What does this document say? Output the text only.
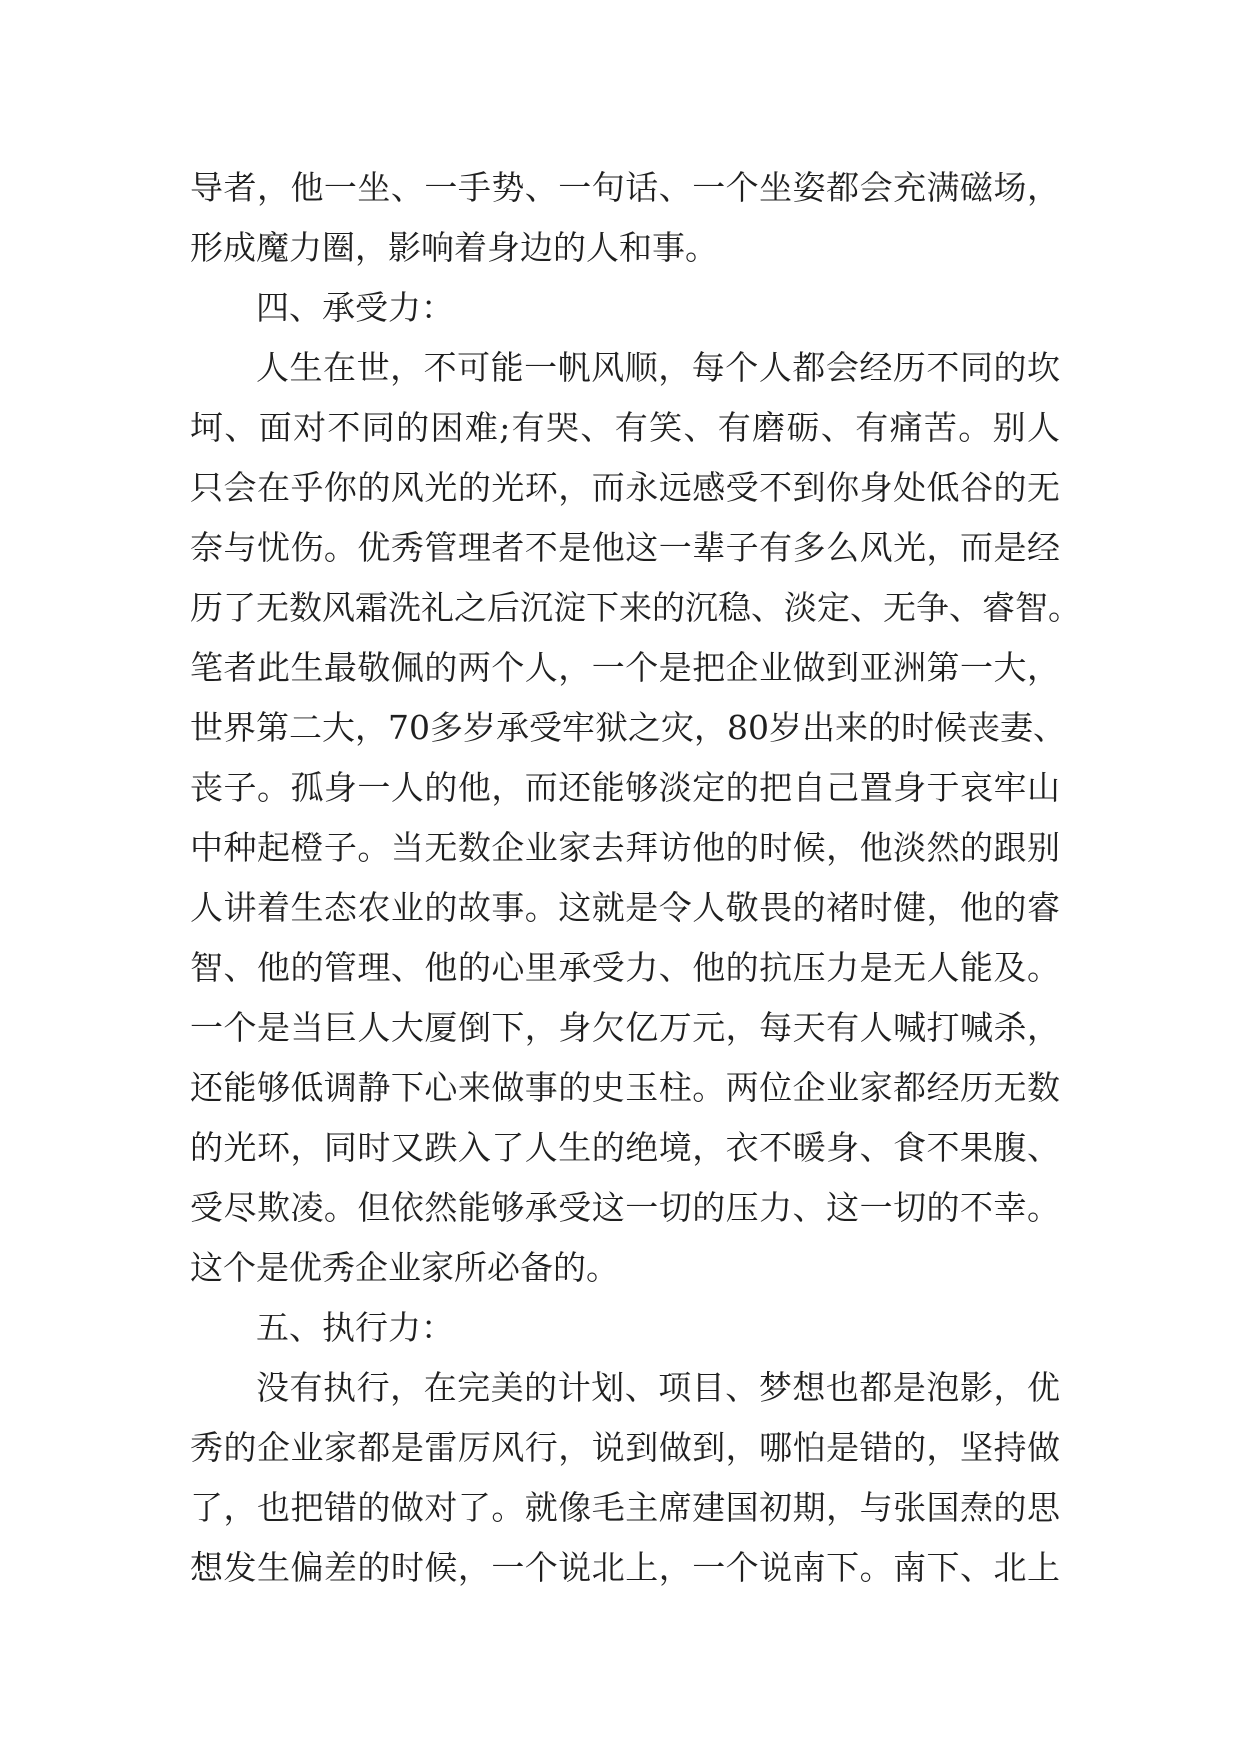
导者，他一坐、一手势、一句话、一个坐姿都会充满磁场，
形成魔力圈，影响着身边的人和事。
四、承受力：
人生在世，不可能一帆风顺，每个人都会经历不同的坎
坷、面对不同的困难;有哭、有笑、有磨砺、有痛苦。别人
只会在乎你的风光的光环，而永远感受不到你身处低谷的无
奈与忧伤。优秀管理者不是他这一辈子有多么风光，而是经
历了无数风霜洗礼之后沉淀下来的沉稳、淡定、无争、睿智。
笔者此生最敬佩的两个人，一个是把企业做到亚洲第一大，
世界第二大，70多岁承受牢狱之灾，80岁出来的时候丧妻、
丧子。孤身一人的他，而还能够淡定的把自己置身于哀牢山
中种起橙子。当无数企业家去拜访他的时候，他淡然的跟别
人讲着生态农业的故事。这就是令人敬畏的褚时健，他的睿
智、他的管理、他的心里承受力、他的抗压力是无人能及。
一个是当巨人大厦倒下，身欠亿万元，每天有人喊打喊杀，
还能够低调静下心来做事的史玉柱。两位企业家都经历无数
的光环，同时又跌入了人生的绝境，衣不暖身、食不果腹、
受尽欺凌。但依然能够承受这一切的压力、这一切的不幸。
这个是优秀企业家所必备的。
五、执行力：
没有执行，在完美的计划、项目、梦想也都是泡影，优
秀的企业家都是雷厉风行，说到做到，哪怕是错的，坚持做
了，也把错的做对了。就像毛主席建国初期，与张国焘的思
想发生偏差的时候，一个说北上，一个说南下。南下、北上
